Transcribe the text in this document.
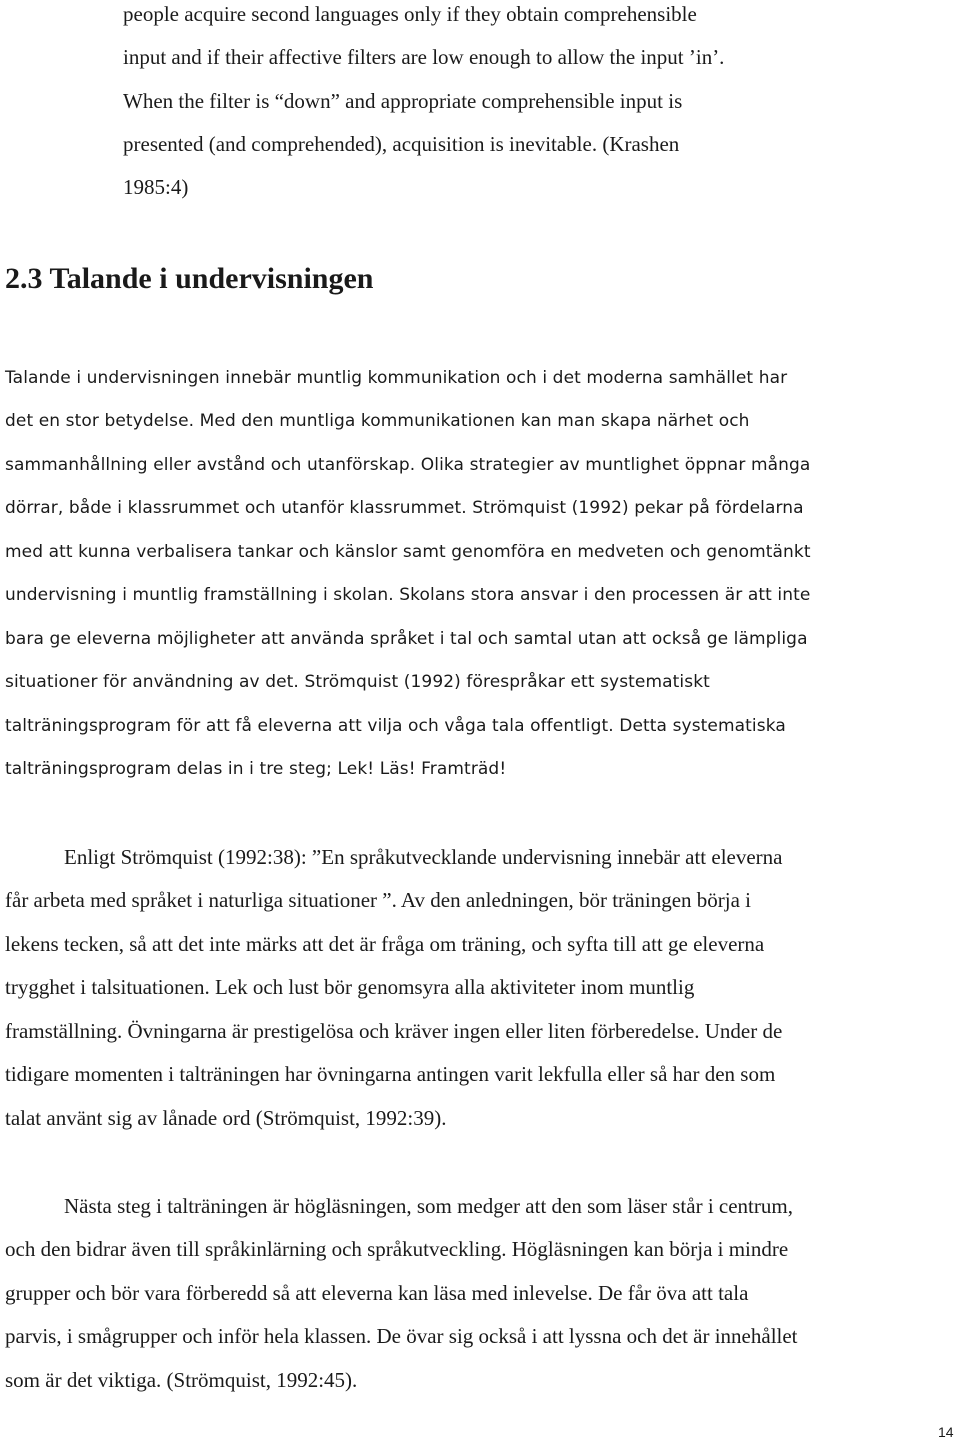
people acquire second languages only if they obtain comprehensible

input and if their affective filters are low enough to allow the input ’in’.

When the filter is “down” and appropriate comprehensible input is

presented (and comprehended), acquisition is inevitable. (Krashen

1985:4)

2.3 Talande i undervisningen

Talande i undervisningen innebär muntlig kommunikation och i det moderna samhället har

det en stor betydelse. Med den muntliga kommunikationen kan man skapa närhet och

sammanhållning eller avstånd och utanförskap. Olika strategier av muntlighet öppnar många

dörrar, både i klassrummet och utanför klassrummet. Strömquist (1992) pekar på fördelarna

med att kunna verbalisera tankar och känslor samt genomföra en medveten och genomtänkt

undervisning i muntlig framställning i skolan. Skolans stora ansvar i den processen är att inte

bara ge eleverna möjligheter att använda språket i tal och samtal utan att också ge lämpliga

situationer för användning av det. Strömquist (1992) förespråkar ett systematiskt

talträningsprogram för att få eleverna att vilja och våga tala offentligt. Detta systematiska

talträningsprogram delas in i tre steg; Lek! Läs! Framträd!

Enligt Strömquist (1992:38): ”En språkutvecklande undervisning innebär att eleverna

får arbeta med språket i naturliga situationer ”. Av den anledningen, bör träningen börja i

lekens tecken, så att det inte märks att det är fråga om träning, och syfta till att ge eleverna

trygghet i talsituationen. Lek och lust bör genomsyra alla aktiviteter inom muntlig

framställning. Övningarna är prestigelösa och kräver ingen eller liten förberedelse. Under de

tidigare momenten i talträningen har övningarna antingen varit lekfulla eller så har den som

talat använt sig av lånade ord (Strömquist, 1992:39).

Nästa steg i talträningen är högläsningen, som medger att den som läser står i centrum,

och den bidrar även till språkinlärning och språkutveckling. Högläsningen kan börja i mindre

grupper och bör vara förberedd så att eleverna kan läsa med inlevelse. De får öva att tala

parvis, i smågrupper och inför hela klassen. De övar sig också i att lyssna och det är innehållet

som är det viktiga. (Strömquist, 1992:45).

14
